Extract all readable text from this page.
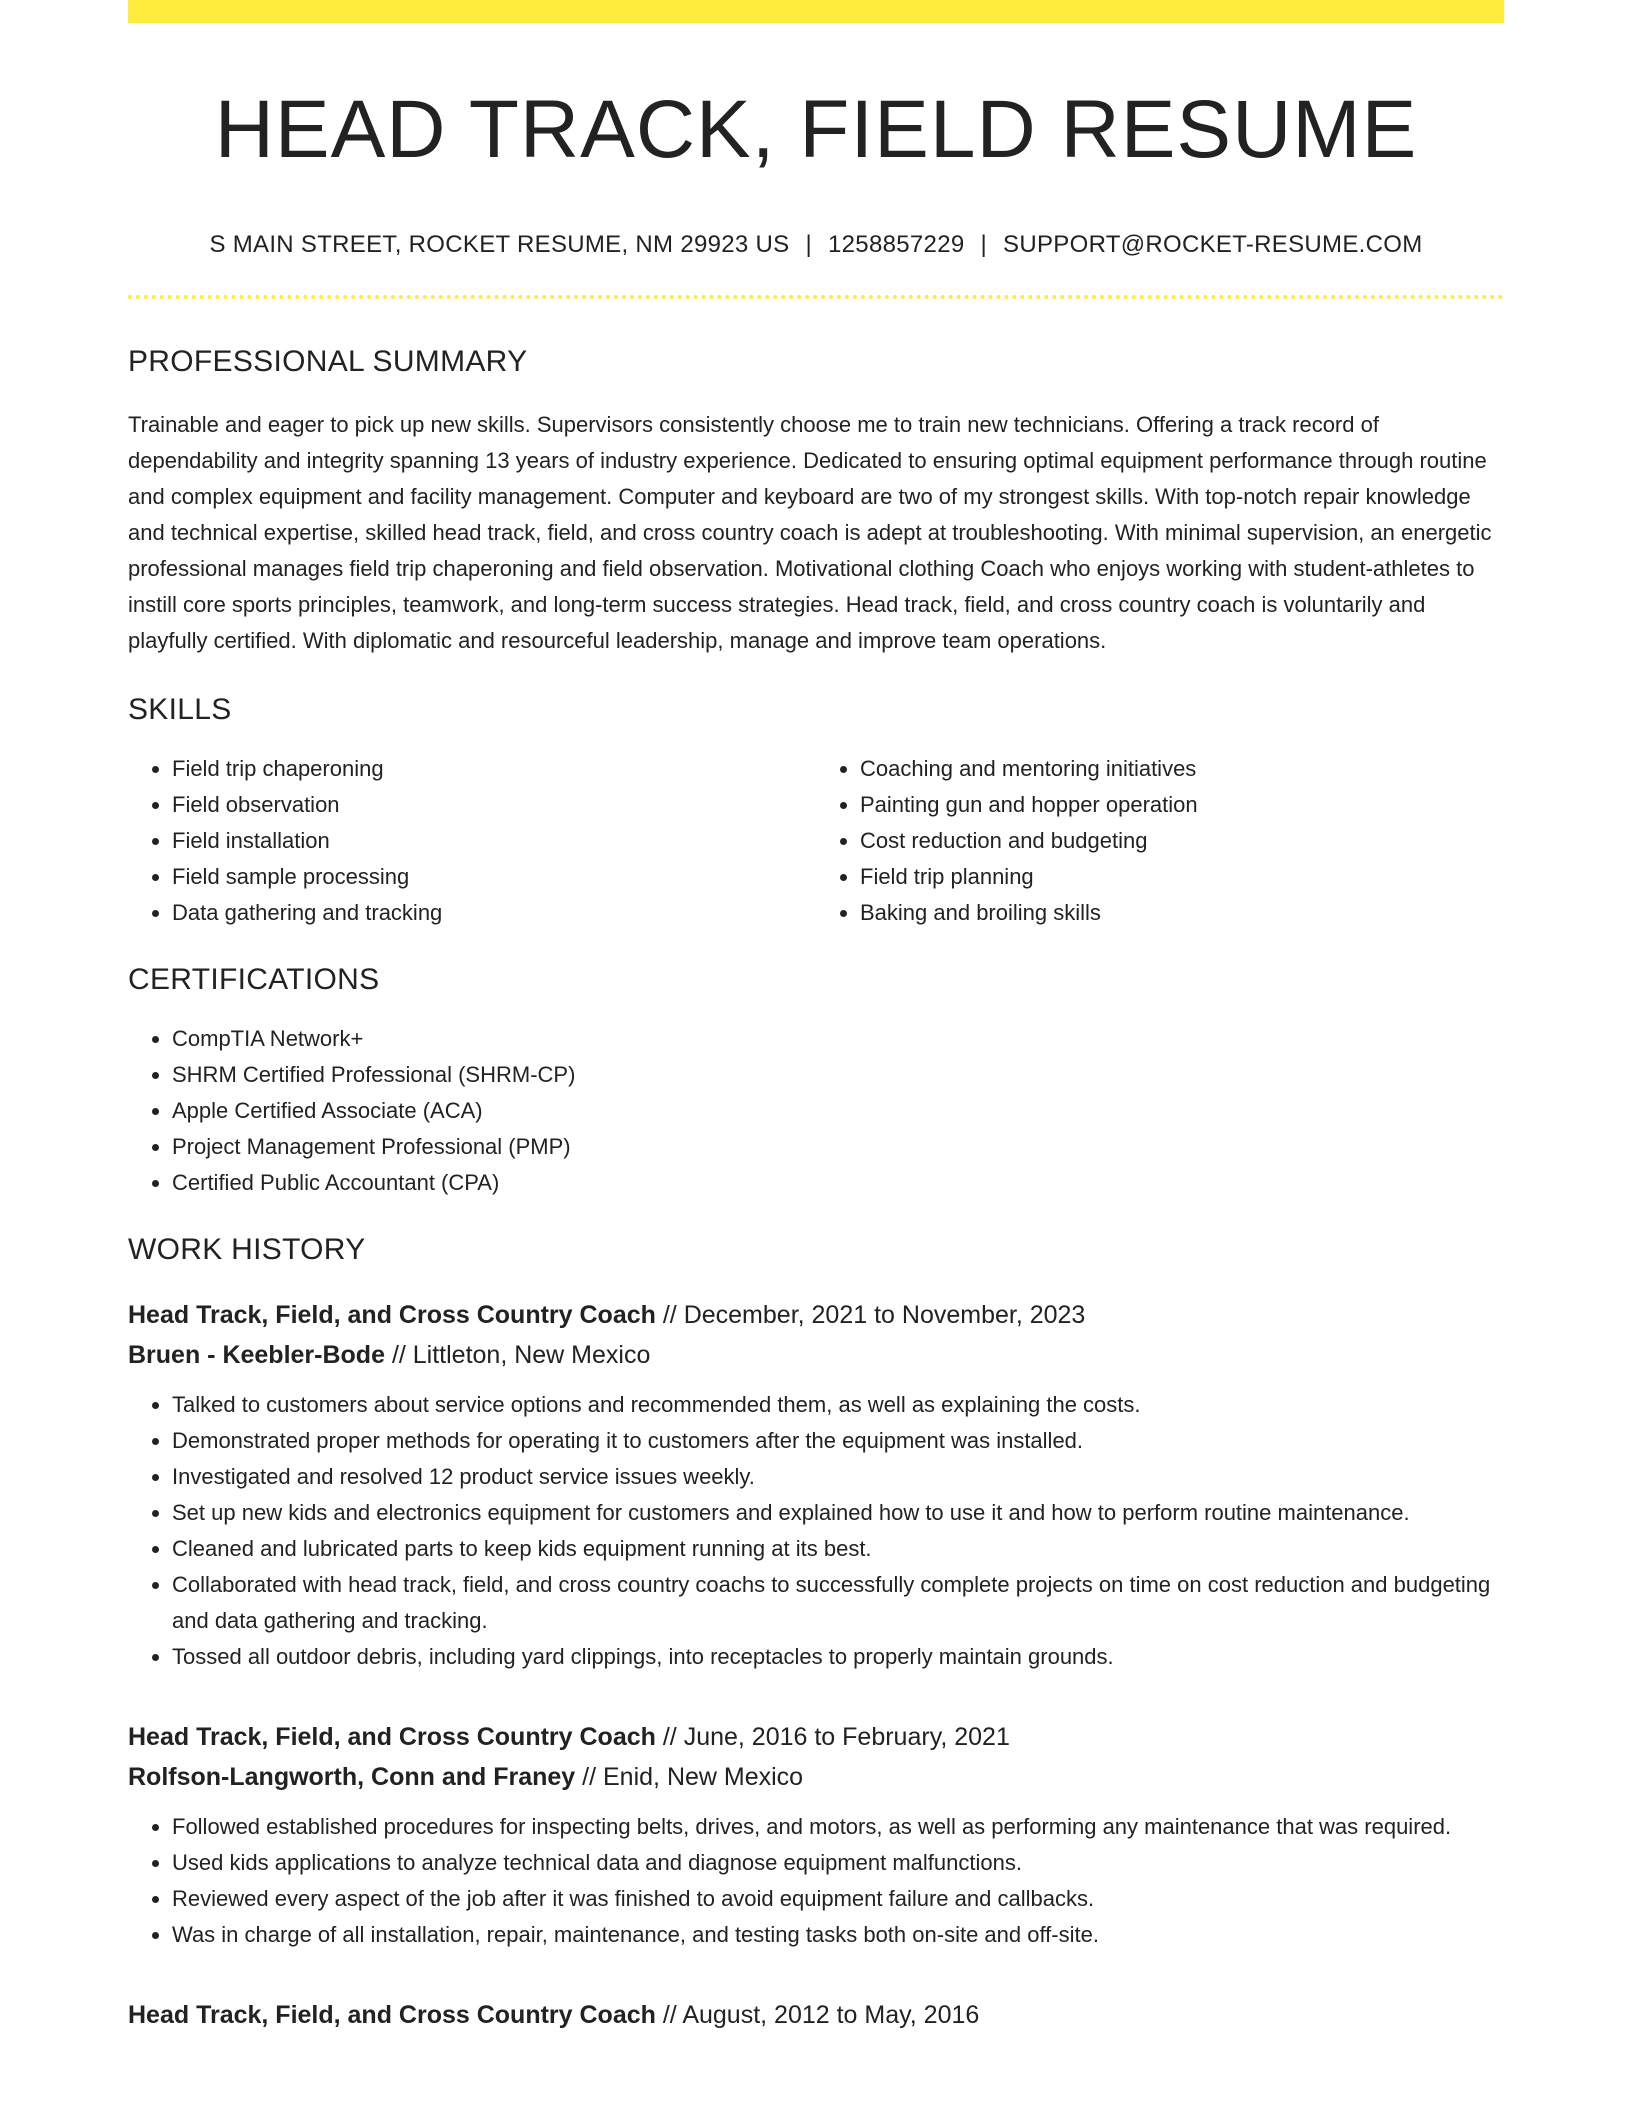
HEAD TRACK, FIELD RESUME
S MAIN STREET, ROCKET RESUME, NM 29923 US | 1258857229 | SUPPORT@ROCKET-RESUME.COM
PROFESSIONAL SUMMARY

Trainable and eager to pick up new skills. Supervisors consistently choose me to train new technicians. Offering a track record of dependability and integrity spanning 13 years of industry experience. Dedicated to ensuring optimal equipment performance through routine and complex equipment and facility management. Computer and keyboard are two of my strongest skills. With top-notch repair knowledge and technical expertise, skilled head track, field, and cross country coach is adept at troubleshooting. With minimal supervision, an energetic professional manages field trip chaperoning and field observation. Motivational clothing Coach who enjoys working with student-athletes to instill core sports principles, teamwork, and long-term success strategies. Head track, field, and cross country coach is voluntarily and playfully certified. With diplomatic and resourceful leadership, manage and improve team operations.

SKILLS
• Field trip chaperoning
• Field observation
• Field installation
• Field sample processing
• Data gathering and tracking
• Coaching and mentoring initiatives
• Painting gun and hopper operation
• Cost reduction and budgeting
• Field trip planning
• Baking and broiling skills
CERTIFICATIONS
• CompTIA Network+
• SHRM Certified Professional (SHRM-CP)
• Apple Certified Associate (ACA)
• Project Management Professional (PMP)
• Certified Public Accountant (CPA)
WORK HISTORY
Head Track, Field, and Cross Country Coach // December, 2021 to November, 2023
Bruen - Keebler-Bode // Littleton, New Mexico
• Talked to customers about service options and recommended them, as well as explaining the costs.
• Demonstrated proper methods for operating it to customers after the equipment was installed.
• Investigated and resolved 12 product service issues weekly.
• Set up new kids and electronics equipment for customers and explained how to use it and how to perform routine maintenance.
• Cleaned and lubricated parts to keep kids equipment running at its best.
• Collaborated with head track, field, and cross country coachs to successfully complete projects on time on cost reduction and budgeting and data gathering and tracking.
• Tossed all outdoor debris, including yard clippings, into receptacles to properly maintain grounds.
Head Track, Field, and Cross Country Coach // June, 2016 to February, 2021
Rolfson-Langworth, Conn and Franey // Enid, New Mexico
• Followed established procedures for inspecting belts, drives, and motors, as well as performing any maintenance that was required.
• Used kids applications to analyze technical data and diagnose equipment malfunctions.
• Reviewed every aspect of the job after it was finished to avoid equipment failure and callbacks.
• Was in charge of all installation, repair, maintenance, and testing tasks both on-site and off-site.
Head Track, Field, and Cross Country Coach // August, 2012 to May, 2016
